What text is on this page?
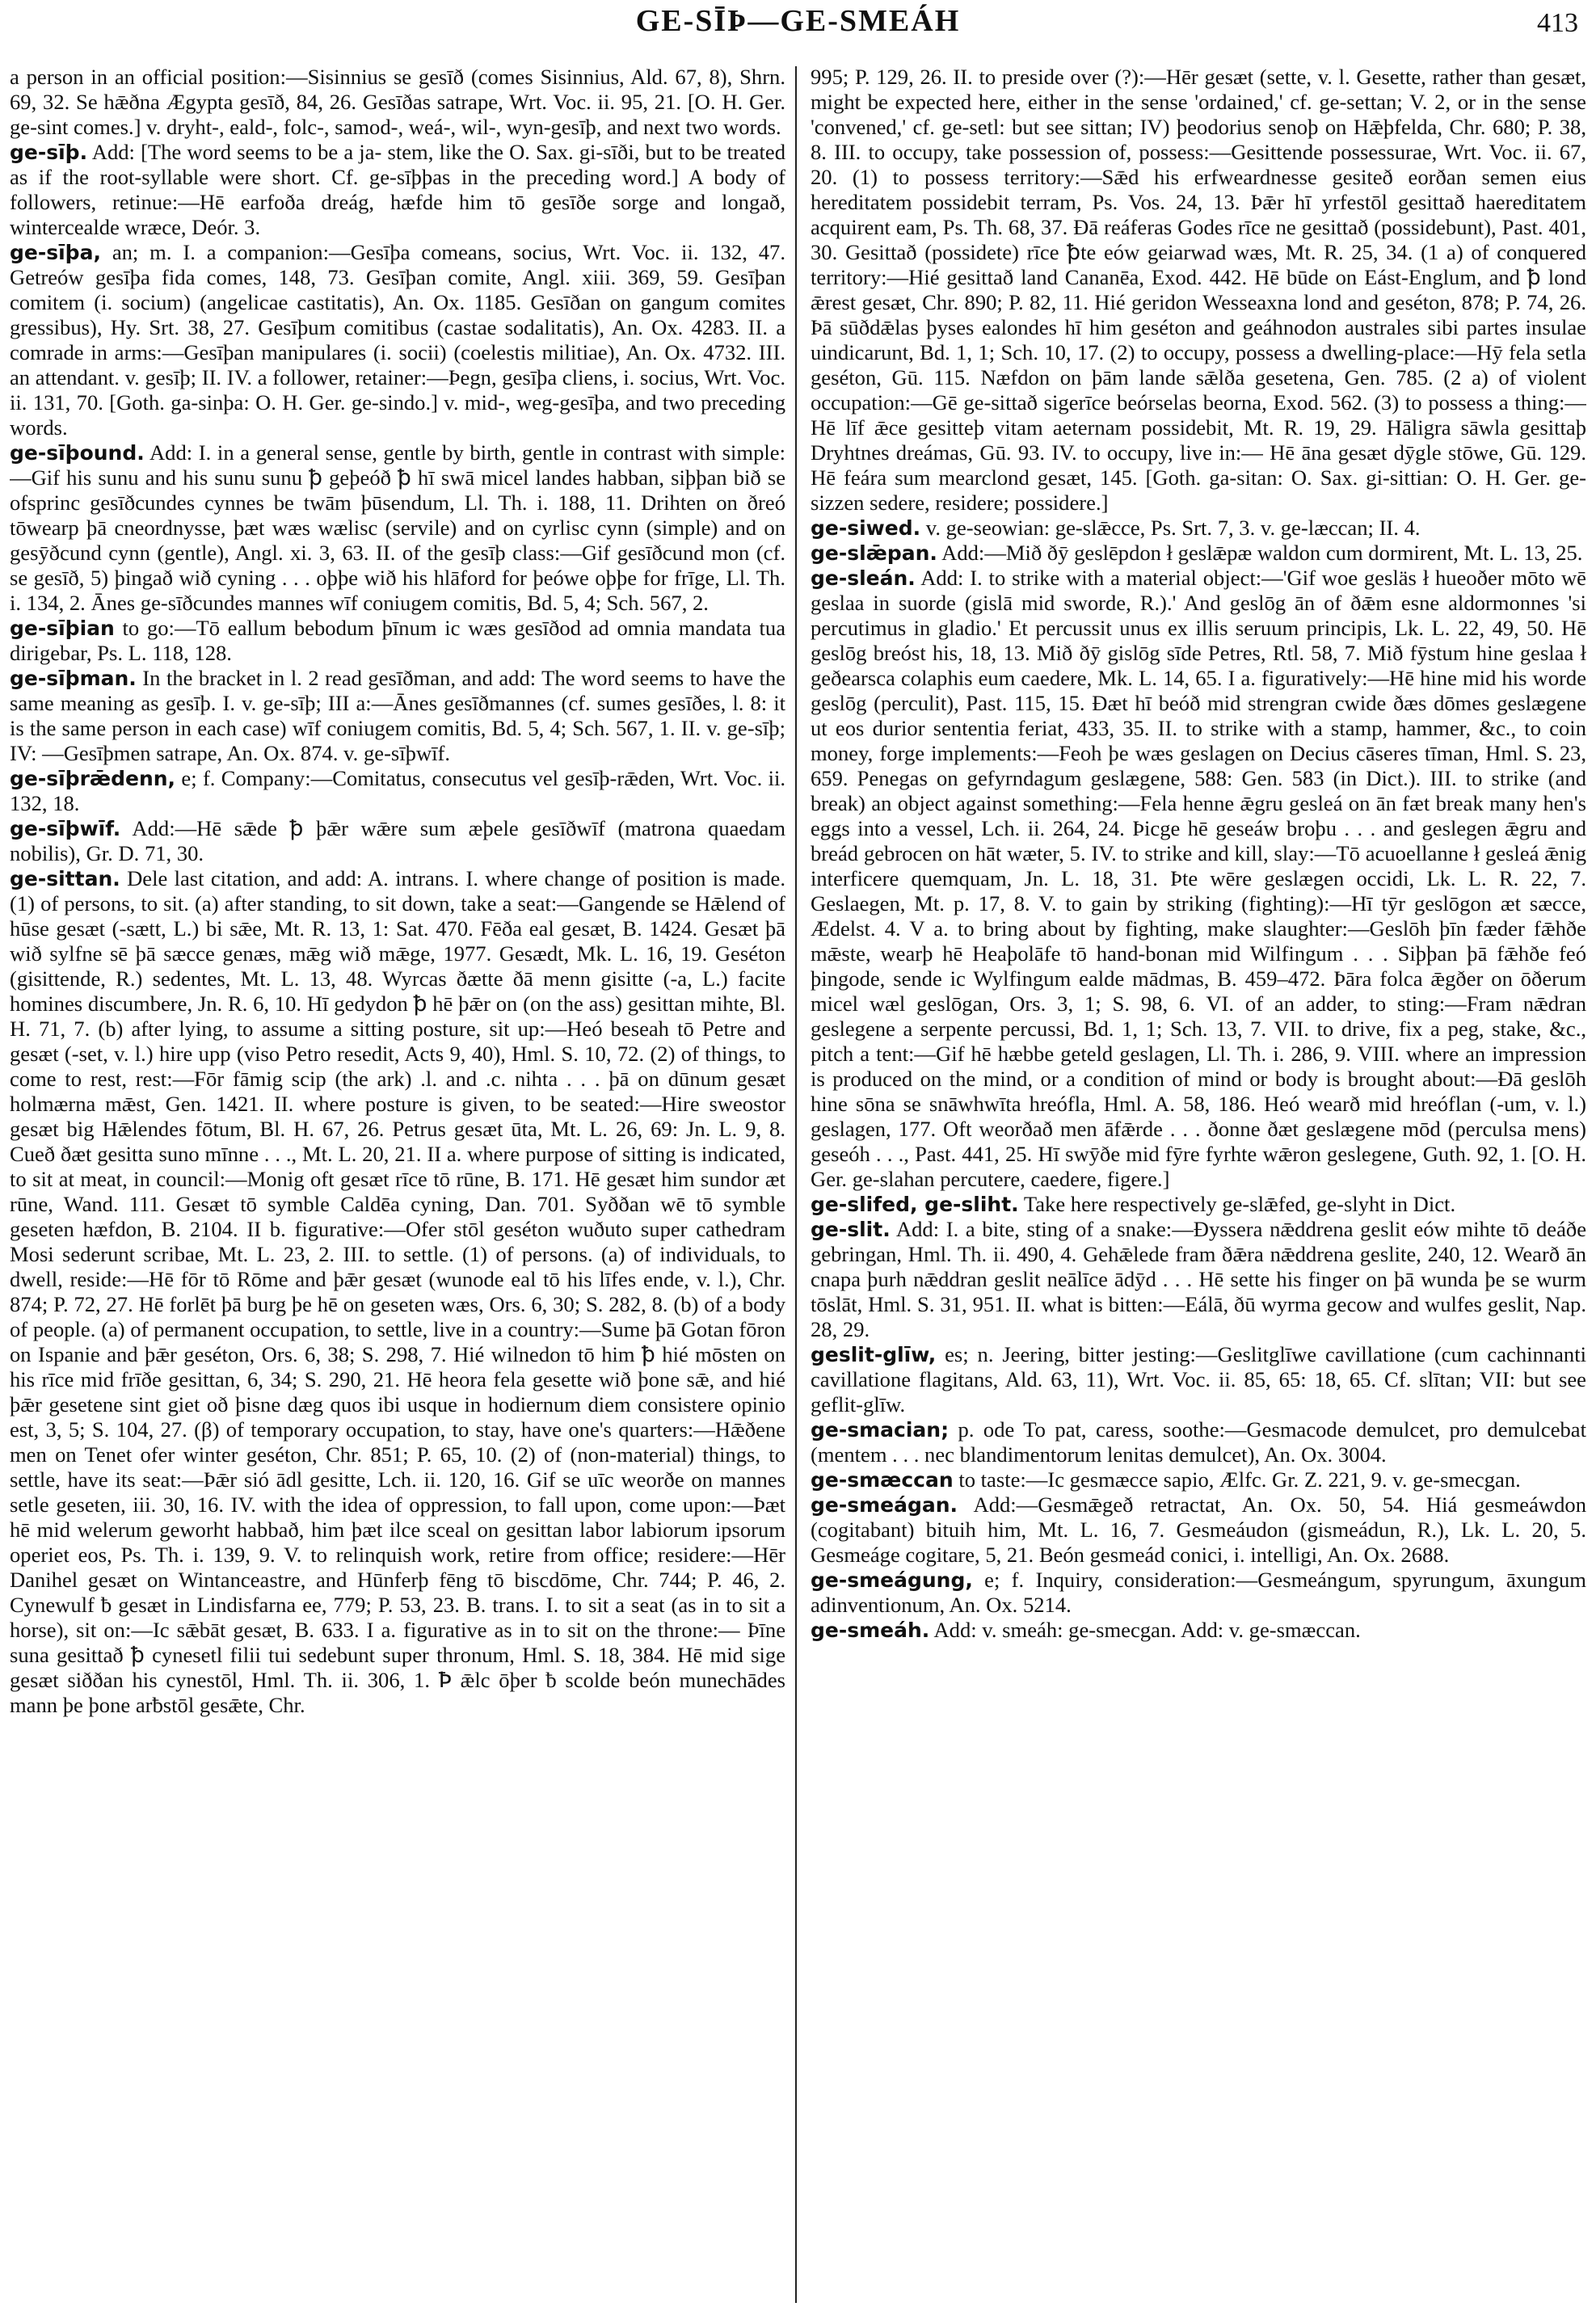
GE-SĪÞ—GE-SMEÁH	413

a person in an official position:—Sisinnius se gesīð (comes Sisinnius, Ald. 67, 8), Shrn. 69, 32. Se hǣðna Ægypta gesīð, 84, 26. Gesīðas satrape, Wrt. Voc. ii. 95, 21. [O. H. Ger. ge-sint comes.] v. dryht-, eald-, folc-, samod-, weá-, wil-, wyn-gesīþ, and next two words.

ge-sīþ. Add: [The word seems to be a ja- stem, like the O. Sax. gi-sīði, but to be treated as if the root-syllable were short. Cf. ge-sīþþas in the preceding word.] A body of followers, retinue:—Hē earfoða dreág, hæfde him tō gesīðe sorge and longað, wintercealde wræce, Deór. 3.

ge-sīþa, an; m. I. a companion:—Gesīþa comeans, socius, Wrt. Voc. ii. 132, 47. Getreów gesīþa fida comes, 148, 73. Gesīþan comite, Angl. xiii. 369, 59. Gesīþan comitem (i. socium) (angelicae castitatis), An. Ox. 1185. Gesīðan on gangum comites gressibus), Hy. Srt. 38, 27. Gesīþum comitibus (castae sodalitatis), An. Ox. 4283. II. a comrade in arms:—Gesīþan manipulares (i. socii) (coelestis militiae), An. Ox. 4732. III. an attendant. v. gesīþ; II. IV. a follower, retainer:—Þegn, gesīþa cliens, i. socius, Wrt. Voc. ii. 131, 70. [Goth. ga-sinþa: O. H. Ger. ge-sindo.] v. mid-, weg-gesīþa, and two preceding words.

ge-sīþound. Add: I. in a general sense, gentle by birth, gentle in contrast with simple:—Gif his sunu and his sunu sunu ꝥ geþeóð ꝥ hī swā micel landes habban, siþþan bið se ofsprinc gesīðcundes cynnes be twām þūsendum, Ll. Th. i. 188, 11. Drihten on ðreó tōwearp þā cneordnysse, þæt wæs wælisc (servile) and on cyrlisc cynn (simple) and on gesȳðcund cynn (gentle), Angl. xi. 3, 63. II. of the gesīþ class:—Gif gesīðcund mon (cf. se gesīð, 5) þingað wið cyning . . . oþþe wið his hlāford for þeówe oþþe for frīge, Ll. Th. i. 134, 2. Ānes ge-sīðcundes mannes wīf coniugem comitis, Bd. 5, 4; Sch. 567, 2.

ge-sīþian to go:—Tō eallum bebodum þīnum ic wæs gesīðod ad omnia mandata tua dirigebar, Ps. L. 118, 128.

ge-sīþman. In the bracket in l. 2 read gesīðman, and add: The word seems to have the same meaning as gesīþ. I. v. ge-sīþ; III a:—Ānes gesīðmannes (cf. sumes gesīðes, l. 8: it is the same person in each case) wīf coniugem comitis, Bd. 5, 4; Sch. 567, 1. II. v. ge-sīþ; IV: —Gesīþmen satrape, An. Ox. 874. v. ge-sīþwīf.

ge-sīþrǣdenn, e; f. Company:—Comitatus, consecutus vel gesīþ-rǣden, Wrt. Voc. ii. 132, 18.

ge-sīþwīf. Add:—Hē sǣde ꝥ þǣr wǣre sum æþele gesīðwīf (matrona quaedam nobilis), Gr. D. 71, 30.

ge-sittan. Dele last citation, and add: A. intrans. I. where change of position is made. (1) of persons, to sit. (a) after standing, to sit down, take a seat:—Gangende se Hǣlend of hūse gesæt (-sætt, L.) bi sǣe, Mt. R. 13, 1: Sat. 470. Fēða eal gesæt, B. 1424. Gesæt þā wið sylfne sē þā sæcce genæs, mǣg wið mǣge, 1977. Gesædt, Mk. L. 16, 19. Geséton (gisittende, R.) sedentes, Mt. L. 13, 48. Wyrcas ðætte ðā menn gisitte (-a, L.) facite homines discumbere, Jn. R. 6, 10. Hī gedydon ꝥ hē þǣr on (on the ass) gesittan mihte, Bl. H. 71, 7. (b) after lying, to assume a sitting posture, sit up:—Heó beseah tō Petre and gesæt (-set, v. l.) hire upp (viso Petro resedit, Acts 9, 40), Hml. S. 10, 72. (2) of things, to come to rest, rest:—Fōr fāmig scip (the ark) .l. and .c. nihta . . . þā on dūnum gesæt holmærna mǣst, Gen. 1421. II. where posture is given, to be seated:—Hire sweostor gesæt big Hǣlendes fōtum, Bl. H. 67, 26. Petrus gesæt ūta, Mt. L. 26, 69: Jn. L. 9, 8. Cueð ðæt gesitta suno mīnne . . ., Mt. L. 20, 21. II a. where purpose of sitting is indicated, to sit at meat, in council:—Monig oft gesæt rīce tō rūne, B. 171. Hē gesæt him sundor æt rūne, Wand. 111. Gesæt tō symble Caldēa cyning, Dan. 701. Syððan wē tō symble geseten hæfdon, B. 2104. II b. figurative:—Ofer stōl geséton wuðuto super cathedram Mosi sederunt scribae, Mt. L. 23, 2. III. to settle. (1) of persons. (a) of individuals, to dwell, reside:—Hē fōr tō Rōme and þǣr gesæt (wunode eal tō his līfes ende, v. l.), Chr. 874; P. 72, 27. Hē forlēt þā burg þe hē on geseten wæs, Ors. 6, 30; S. 282, 8. (b) of a body of people. (a) of permanent occupation, to settle, live in a country:—Sume þā Gotan fōron on Ispanie and þǣr geséton, Ors. 6, 38; S. 298, 7. Hié wilnedon tō him ꝥ hié mōsten on his rīce mid frīðe gesittan, 6, 34; S. 290, 21. Hē heora fela gesette wið þone sǣ, and hié þǣr gesetene sint giet oð þisne dæg quos ibi usque in hodiernum diem consistere opinio est, 3, 5; S. 104, 27. (β) of temporary occupation, to stay, have one's quarters:—Hǣðene men on Tenet ofer winter geséton, Chr. 851; P. 65, 10. (2) of (non-material) things, to settle, have its seat:—Þǣr sió ādl gesitte, Lch. ii. 120, 16. Gif se uīc weorðe on mannes setle geseten, iii. 30, 16. IV. with the idea of oppression, to fall upon, come upon:—Þæt hē mid welerum geworht habbað, him þæt ilce sceal on gesittan labor labiorum ipsorum operiet eos, Ps. Th. i. 139, 9. V. to relinquish work, retire from office; residere:—Hēr Danihel gesæt on Wintanceastre, and Hūnferþ fēng tō biscdōme, Chr. 744; P. 46, 2. Cynewulf ƀ gesæt in Lindisfarna ee, 779; P. 53, 23. B. trans. I. to sit a seat (as in to sit a horse), sit on:—Ic sǣbāt gesæt, B. 633. I a. figurative as in to sit on the throne:— Þīne suna gesittað ꝥ cynesetl filii tui sedebunt super thronum, Hml. S. 18, 384. Hē mid sige gesæt siððan his cynestōl, Hml. Th. ii. 306, 1. Ꝥ ǣlc ōþer ƀ scolde beón munechādes mann þe þone arƀstōl gesǣte, Chr.

995; P. 129, 26. II. to preside over (?):—Hēr gesæt (sette, v. l. Gesette, rather than gesæt, might be expected here, either in the sense 'ordained,' cf. ge-settan; V. 2, or in the sense 'convened,' cf. ge-setl: but see sittan; IV) þeodorius senoþ on Hǣþfelda, Chr. 680; P. 38, 8. III. to occupy, take possession of, possess:—Gesittende possessurae, Wrt. Voc. ii. 67, 20. (1) to possess territory:—Sǣd his erfweardnesse gesiteð eorðan semen eius hereditatem possidebit terram, Ps. Vos. 24, 13. Þǣr hī yrfestōl gesittað haereditatem acquirent eam, Ps. Th. 68, 37. Ðā reáferas Godes rīce ne gesittað (possidebunt), Past. 401, 30. Gesittað (possidete) rīce ꝥte eów geiarwad wæs, Mt. R. 25, 34. (1 a) of conquered territory:—Hié gesittað land Cananēa, Exod. 442. Hē būde on Eást-Englum, and ꝥ lond ǣrest gesæt, Chr. 890; P. 82, 11. Hié geridon Wesseaxna lond and geséton, 878; P. 74, 26. Þā sūðdǣlas þyses ealondes hī him geséton and geáhnodon australes sibi partes insulae uindicarunt, Bd. 1, 1; Sch. 10, 17. (2) to occupy, possess a dwelling-place:—Hȳ fela setla geséton, Gū. 115. Næfdon on þām lande sǣlða gesetena, Gen. 785. (2 a) of violent occupation:—Gē ge-sittað sigerīce beórselas beorna, Exod. 562. (3) to possess a thing:—Hē līf ǣce gesitteþ vitam aeternam possidebit, Mt. R. 19, 29. Hāligra sāwla gesittaþ Dryhtnes dreámas, Gū. 93. IV. to occupy, live in:— Hē āna gesæt dȳgle stōwe, Gū. 129. Hē feára sum mearclond gesæt, 145. [Goth. ga-sitan: O. Sax. gi-sittian: O. H. Ger. ge-sizzen sedere, residere; possidere.]

ge-siwed. v. ge-seowian: ge-slǣcce, Ps. Srt. 7, 3. v. ge-læccan; II. 4.

ge-slǣpan. Add:—Mið ðȳ geslēpdon ł geslǣpæ waldon cum dormirent, Mt. L. 13, 25.

ge-sleán. Add: I. to strike with a material object:—'Gif woe gesläs ł hueoðer mōto wē geslaa in suorde (gislā mid sworde, R.).' And geslōg ān of ðǣm esne aldormonnes 'si percutimus in gladio.' Et percussit unus ex illis seruum principis, Lk. L. 22, 49, 50. Hē geslōg breóst his, 18, 13. Mið ðȳ gislōg sīde Petres, Rtl. 58, 7. Mið fȳstum hine geslaa ł geðearsca colaphis eum caedere, Mk. L. 14, 65. I a. figuratively:—Hē hine mid his worde geslōg (perculit), Past. 115, 15. Ðæt hī beóð mid strengran cwide ðæs dōmes geslægene ut eos durior sententia feriat, 433, 35. II. to strike with a stamp, hammer, &c., to coin money, forge implements:—Feoh þe wæs geslagen on Decius cāseres tīman, Hml. S. 23, 659. Penegas on gefyrndagum geslægene, 588: Gen. 583 (in Dict.). III. to strike (and break) an object against something:—Fela henne ǣgru gesleá on ān fæt break many hen's eggs into a vessel, Lch. ii. 264, 24. Þicge hē geseáw broþu . . . and geslegen ǣgru and breád gebrocen on hāt wæter, 5. IV. to strike and kill, slay:—Tō acuoellanne ł gesleá ǣnig interficere quemquam, Jn. L. 18, 31. Þte wēre geslægen occidi, Lk. L. R. 22, 7. Geslaegen, Mt. p. 17, 8. V. to gain by striking (fighting):—Hī tȳr geslōgon æt sæcce, Ædelst. 4. V a. to bring about by fighting, make slaughter:—Geslōh þīn fæder fǣhðe mǣste, wearþ hē Heaþolāfe tō hand-bonan mid Wilfingum . . . Siþþan þā fǣhðe feó þingode, sende ic Wylfingum ealde mādmas, B. 459–472. Þāra folca ǣgðer on ōðerum micel wæl geslōgan, Ors. 3, 1; S. 98, 6. VI. of an adder, to sting:—Fram nǣdran geslegene a serpente percussi, Bd. 1, 1; Sch. 13, 7. VII. to drive, fix a peg, stake, &c., pitch a tent:—Gif hē hæbbe geteld geslagen, Ll. Th. i. 286, 9. VIII. where an impression is produced on the mind, or a condition of mind or body is brought about:—Ðā geslōh hine sōna se snāwhwīta hreófla, Hml. A. 58, 186. Heó wearð mid hreóflan (-um, v. l.) geslagen, 177. Oft weorðað men āfǣrde . . . ðonne ðæt geslægene mōd (perculsa mens) geseóh . . ., Past. 441, 25. Hī swȳðe mid fȳre fyrhte wǣron geslegene, Guth. 92, 1. [O. H. Ger. ge-slahan percutere, caedere, figere.]

ge-slifed, ge-sliht. Take here respectively ge-slǣfed, ge-slyht in Dict.

ge-slit. Add: I. a bite, sting of a snake:—Ðyssera nǣddrena geslit eów mihte tō deáðe gebringan, Hml. Th. ii. 490, 4. Gehǣlede fram ðǣra nǣddrena geslite, 240, 12. Wearð ān cnapa þurh nǣddran geslit neālīce ādȳd . . . Hē sette his finger on þā wunda þe se wurm tōslāt, Hml. S. 31, 951. II. what is bitten:—Eálā, ðū wyrma gecow and wulfes geslit, Nap. 28, 29.

geslit-glīw, es; n. Jeering, bitter jesting:—Geslitglīwe cavillatione (cum cachinnanti cavillatione flagitans, Ald. 63, 11), Wrt. Voc. ii. 85, 65: 18, 65. Cf. slītan; VII: but see geflit-glīw.

ge-smacian; p. ode To pat, caress, soothe:—Gesmacode demulcet, pro demulcebat (mentem . . . nec blandimentorum lenitas demulcet), An. Ox. 3004.

ge-smæccan to taste:—Ic gesmæcce sapio, Ælfc. Gr. Z. 221, 9. v. ge-smecgan.

ge-smeágan. Add:—Gesmǣgeð retractat, An. Ox. 50, 54. Hiá gesmeáwdon (cogitabant) bituih him, Mt. L. 16, 7. Gesmeáudon (gismeádun, R.), Lk. L. 20, 5. Gesmeáge cogitare, 5, 21. Beón gesmeád conici, i. intelligi, An. Ox. 2688.

ge-smeágung, e; f. Inquiry, consideration:—Gesmeángum, spyrungum, āxungum adinventionum, An. Ox. 5214.

ge-smeáh. Add: v. smeáh: ge-smecgan. Add: v. ge-smæccan.
